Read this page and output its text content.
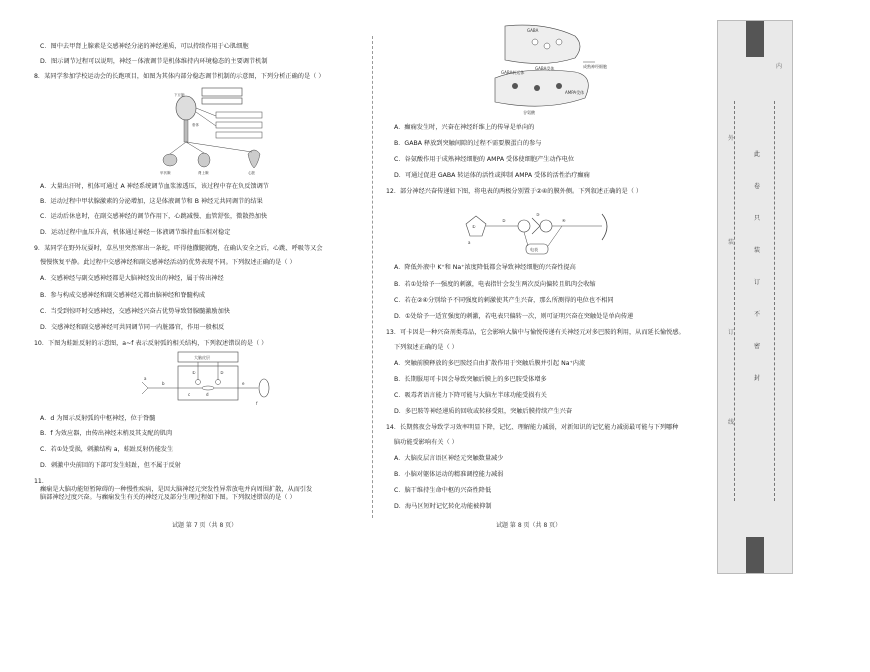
C．图中去甲肾上腺素是交感神经分泌的神经递质，可以持续作用于心肌细胞
D．图示调节过程可以说明，神经－体液调节是机体维持内环境稳态的主要调节机制
8．某同学参加学校运动会的长跑项目，如图为其体内部分稳态调节机制的示意图，下列分析正确的是（ ）
甲状腺	肾上腺	心脏
下丘脑
垂体
A．大量出汗时，机体可通过 A 神经系统调节血浆渗透压，该过程中存在负反馈调节
B．运动过程中甲状腺激素的分泌增加，这是体液调节和 B 神经元共同调节的结果
C．运动后休息时，在副交感神经的调节作用下，心跳减慢、血管舒张，微散热加快
D．运动过程中血压升高，机体通过神经－体液调节维持血压相对稳定
9．某同学在野外玩耍时，草丛里突然窜出一条蛇，吓得他撒腿就跑，在确认安全之后，心跳、呼吸等又会
慢慢恢复平静。此过程中交感神经和副交感神经活动的优势表现不同。下列叙述正确的是（ ）
A．交感神经与副交感神经都是大脑神经发出的神经，属于传出神经
B．参与构成交感神经和副交感神经元都由脑神经和脊髓构成
C．当受到惊吓时交感神经，交感神经兴奋占优势导致肾腺髓激励加快
D．交感神经和副交感神经可共同调节同一内脏器官，作用一般相反
10．下图为蛙趾反射的示意图，a~f 表示反射弧的相关结构，下列叙述错误的是（ ）
大脑皮层
a
b
c	d
e
f
①	②
A．d 为图示反射弧的中枢神经，位于脊髓
B．f 为效应器，由传出神经末梢及其支配的肌肉
C．若①处受损，刺激结构 a，蛙趾反射仍能发生
D．刺激中央前回的下部可发生蛙趾，但不属于反射
11．
癫痫是大脑功能短暂障碍的一种慢性疾病，是因大脑神经元突发性异常放电并向周围扩散，从而引发
脑部神经过度兴奋。与癫痫发生有关的神经元及部分生理过程如下图。下列叙述错误的是（ ）
试题 第 7 页（共 8 页）
GABA
GABA受体
GABA转运体
成熟神经细胞
AMPA受体
谷氨酸
A．癫痫发生时，兴奋在神经纤维上的传导是单向的
B．GABA 释放到突触间隙的过程不需要膜蛋白的参与
C．谷氨酸作用于成熟神经细胞的 AMPA 受体使细胞产生动作电位
D．可通过促进 GABA 转运体的活性或抑制 AMPA 受体的活性治疗癫痫
12．部分神经兴奋传递如下图，将电表的两极分别置于②④的膜外侧。下列叙述正确的是（ ）
①
②
③
④
a
电表
A．降低外液中 K⁺和 Na⁺浓度降低都会导致神经细胞的兴奋性提高
B．若①处给予一强度的刺激，电表指针会发生两次反向偏转且肌肉会收缩
C．若在②④分别给予不同强度的刺激使其产生兴奋，那么所测得的电位也不相同
D．①处给予一适宜强度的刺激，若电表只偏转一次，则可证明兴奋在突触处是单向传递
13．可卡因是一种兴奋剂类毒品，它会影响大脑中与愉悦传递有关神经元对多巴胺的利用，从而延长愉悦感。
下列叙述正确的是（ ）
A．突触前膜释放的多巴胺经自由扩散作用于突触后膜并引起 Na⁺内流
B．长期服用可卡因会导致突触后膜上的多巴胺受体增多
C．吸毒者语言能力下降可能与大脑左半球功能受损有关
D．多巴胺等神经递质的回收或转移受阻，突触后膜持续产生兴奋
14．长期熬夜会导致学习效率明显下降，记忆、理解能力减弱，对新知识的记忆能力减弱最可能与下列哪种
脑功能受影响有关（ ）
A．大脑皮层言语区神经元突触数量减少
B．小脑对躯体运动的精准调控能力减弱
C．脑干维持生命中枢的兴奋性降低
D．海马区短时记忆转化功能被抑制
试题 第 8 页（共 8 页）
此
卷
只
装
订
不
密
封
外
装
订
线
内
